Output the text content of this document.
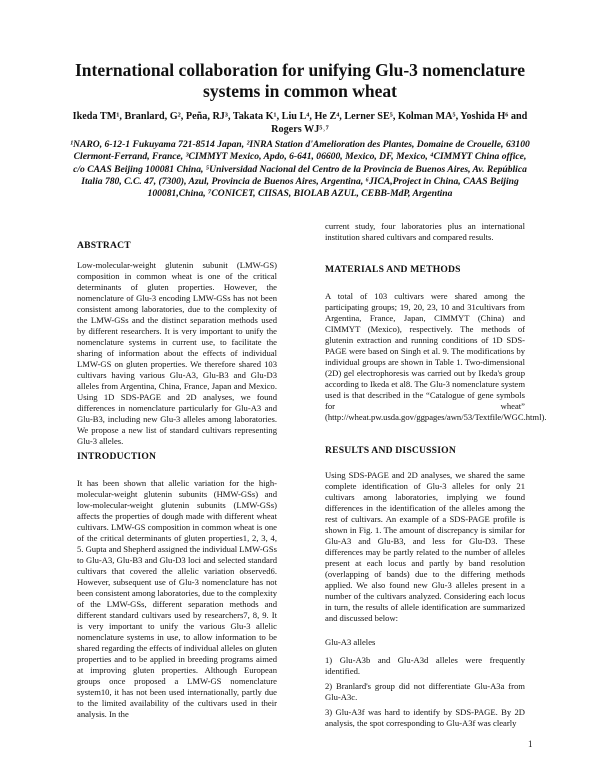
International collaboration for unifying Glu-3 nomenclature
systems in common wheat
Ikeda TM¹, Branlard, G², Peña, RJ³, Takata K¹, Liu L⁴, He Z⁴, Lerner SE⁵, Kolman MA⁵, Yoshida H⁶ and Rogers WJ⁵˒⁷
¹NARO, 6-12-1 Fukuyama 721-8514 Japan, ²INRA Station d'Amelioration des Plantes, Domaine de Crouelle, 63100 Clermont-Ferrand, France, ³CIMMYT Mexico, Apdo, 6-641, 06600, Mexico, DF, Mexico, ⁴CIMMYT China office, c/o CAAS Beijing 100081 China, ⁵Universidad Nacional del Centro de la Provincia de Buenos Aires, Av. República Italia 780, C.C. 47, (7300), Azul, Provincia de Buenos Aires, Argentina, ⁶JICA,Project in China, CAAS Beijing 100081,China, ⁷CONICET, CIISAS, BIOLAB AZUL, CEBB-MdP, Argentina
ABSTRACT

Low-molecular-weight glutenin subunit (LMW-GS) composition in common wheat is one of the critical determinants of gluten properties. However, the nomenclature of Glu-3 encoding LMW-GSs has not been consistent among laboratories, due to the complexity of the LMW-GSs and the distinct separation methods used by different researchers. It is very important to unify the nomenclature systems in current use, to facilitate the sharing of information about the effects of individual LMW-GS on gluten properties. We therefore shared 103 cultivars having various Glu-A3, Glu-B3 and Glu-D3 alleles from Argentina, China, France, Japan and Mexico. Using 1D SDS-PAGE and 2D analyses, we found differences in nomenclature particularly for Glu-A3 and Glu-B3, including new Glu-3 alleles among laboratories. We propose a new list of standard cultivars representing Glu-3 alleles.

INTRODUCTION

It has been shown that allelic variation for the high-molecular-weight glutenin subunits (HMW-GSs) and low-molecular-weight glutenin subunits (LMW-GSs) affects the properties of dough made with different wheat cultivars. LMW-GS composition in common wheat is one of the critical determinants of gluten properties1, 2, 3, 4, 5. Gupta and Shepherd assigned the individual LMW-GSs to Glu-A3, Glu-B3 and Glu-D3 loci and selected standard cultivars that covered the allelic variation observed6. However, subsequent use of Glu-3 nomenclature has not been consistent among laboratories, due to the complexity of the LMW-GSs, different separation methods and different standard cultivars used by researchers7, 8, 9. It is very important to unify the various Glu-3 allelic nomenclature systems in use, to allow information to be shared regarding the effects of individual alleles on gluten properties and to be applied in breeding programs aimed at improving gluten properties. Although European groups once proposed a LMW-GS nomenclature system10, it has not been used internationally, partly due to the limited availability of the cultivars used in their analysis. In the

current study, four laboratories plus an international institution shared cultivars and compared results.

MATERIALS AND METHODS

A total of 103 cultivars were shared among the participating groups; 19, 20, 23, 10 and 31cultivars from Argentina, France, Japan, CIMMYT (China) and CIMMYT (Mexico), respectively. The methods of glutenin extraction and running conditions of 1D SDS-PAGE were based on Singh et al. 9. The modifications by individual groups are shown in Table 1. Two-dimensional (2D) gel electrophoresis was carried out by Ikeda's group according to Ikeda et al8. The Glu-3 nomenclature system used is that described in the “Catalogue of gene symbols for wheat” (http://wheat.pw.usda.gov/ggpages/awn/53/Textfile/WGC.html).

RESULTS AND DISCUSSION

Using SDS-PAGE and 2D analyses, we shared the same complete identification of Glu-3 alleles for only 21 cultivars among laboratories, implying we found differences in the identification of the alleles among the rest of cultivars. An example of a SDS-PAGE profile is shown in Fig. 1. The amount of discrepancy is similar for Glu-A3 and Glu-B3, and less for Glu-D3. These differences may be partly related to the number of alleles present at each locus and partly by band resolution (overlapping of bands) due to the differing methods applied. We also found new Glu-3 alleles present in a number of the cultivars analyzed. Considering each locus in turn, the results of allele identification are summarized and discussed below:

Glu-A3 alleles

1) Glu-A3b and Glu-A3d alleles were frequently identified.

2) Branlard's group did not differentiate Glu-A3a from Glu-A3c.

3) Glu-A3f was hard to identify by SDS-PAGE. By 2D analysis, the spot corresponding to Glu-A3f was clearly

1
